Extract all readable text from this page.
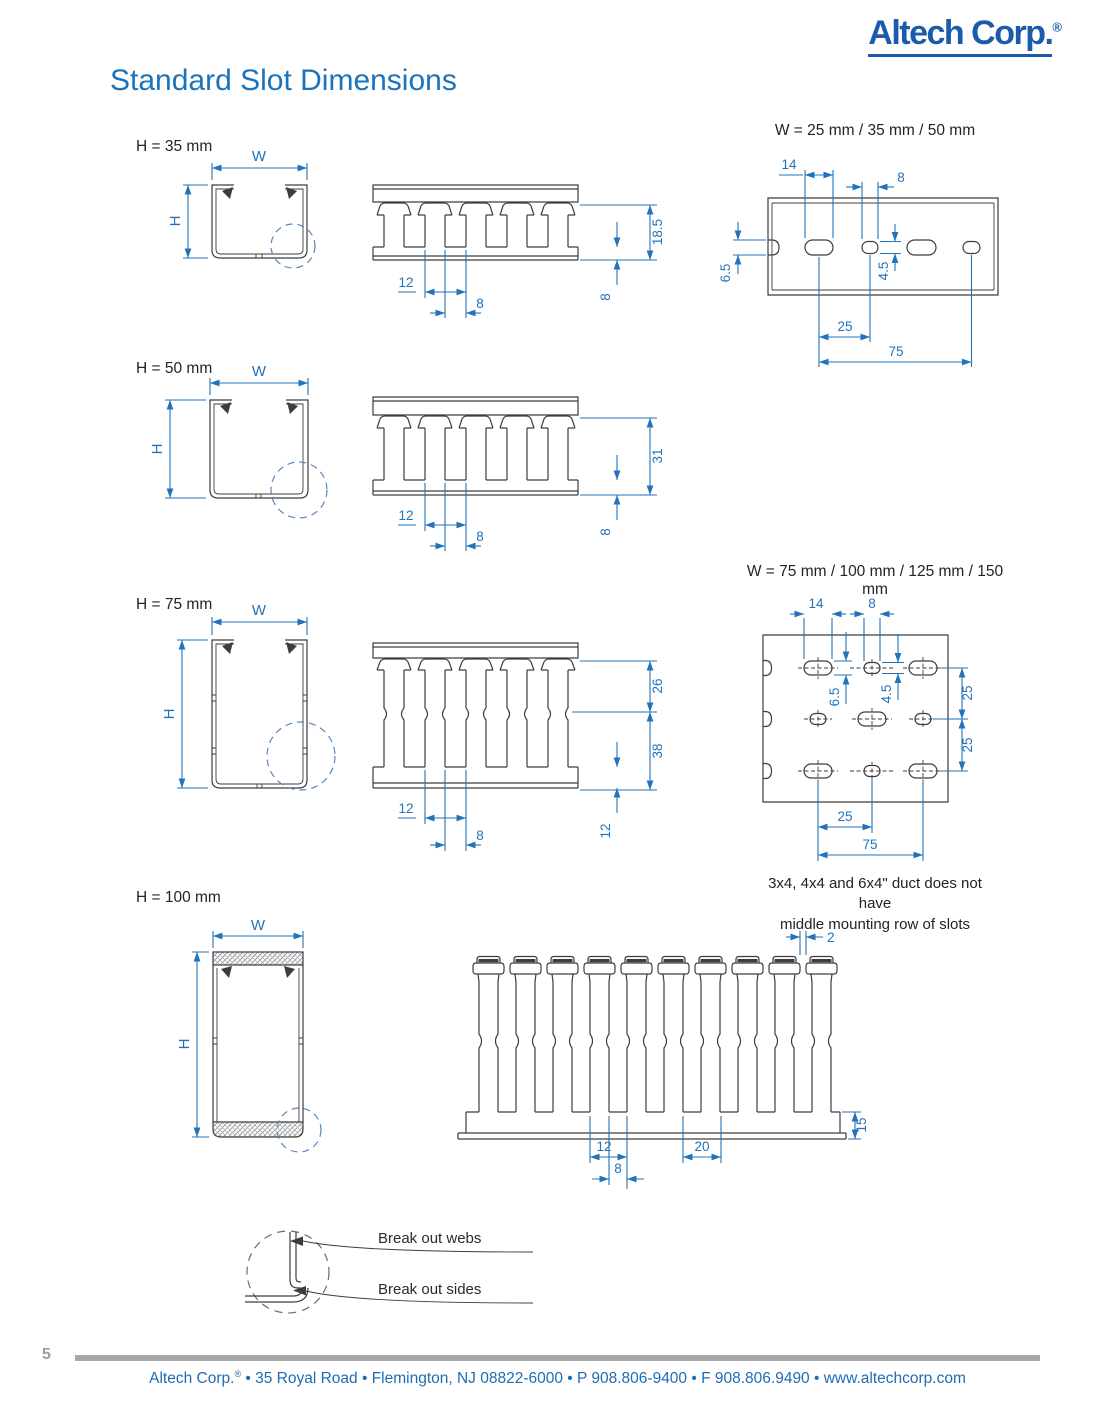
Altech Corp.®
Standard Slot Dimensions
H = 35 mm
H = 50 mm
H = 75 mm
H = 100 mm
W = 25 mm / 35 mm / 50 mm
W = 75 mm / 100 mm / 125 mm / 150 mm
3x4, 4x4 and 6x4" duct does not have
middle mounting row of slots
W
H	18.5
8
12
8
14
8
6.5	4.5
25
75
W
H	31
8
12
8
W
H
26
38
12
12
8
14	8
6.5	4.5	25
25
25
75
W
H
2
15
12
8
20
Break out webs
Break out sides
5
Altech Corp.® • 35 Royal Road • Flemington, NJ 08822-6000 • P 908.806-9400 • F 908.806.9490 • www.altechcorp.com
